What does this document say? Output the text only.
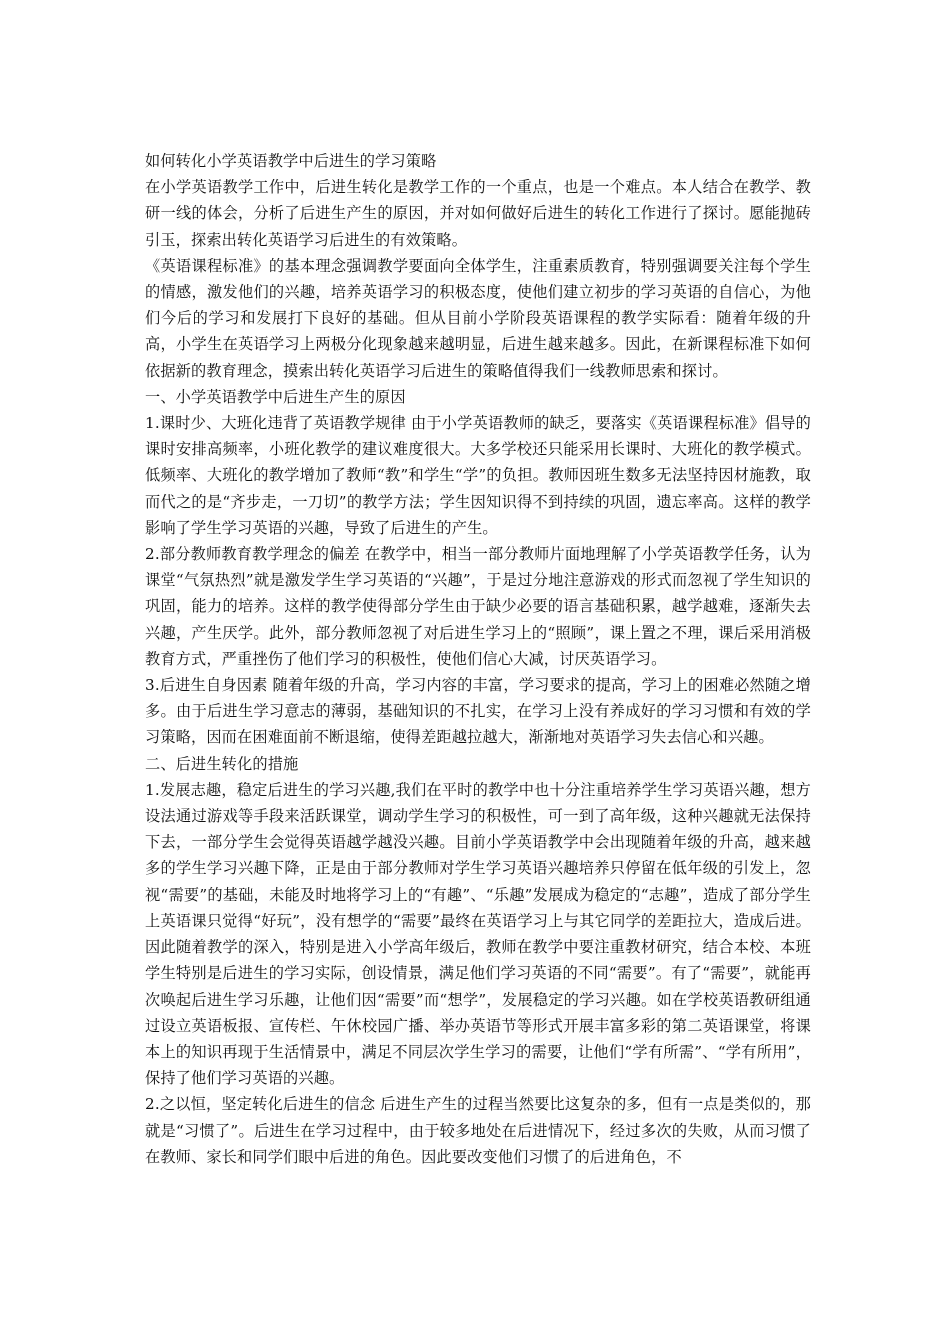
如何转化小学英语教学中后进生的学习策略

在小学英语教学工作中，后进生转化是教学工作的一个重点，也是一个难点。本人结合在教学、教研一线的体会，分析了后进生产生的原因，并对如何做好后进生的转化工作进行了探讨。愿能抛砖引玉，探索出转化英语学习后进生的有效策略。

《英语课程标准》的基本理念强调教学要面向全体学生，注重素质教育，特别强调要关注每个学生的情感，激发他们的兴趣，培养英语学习的积极态度，使他们建立初步的学习英语的自信心，为他们今后的学习和发展打下良好的基础。但从目前小学阶段英语课程的教学实际看：随着年级的升高，小学生在英语学习上两极分化现象越来越明显，后进生越来越多。因此，在新课程标准下如何依据新的教育理念，摸索出转化英语学习后进生的策略值得我们一线教师思索和探讨。

一、小学英语教学中后进生产生的原因

1.课时少、大班化违背了英语教学规律 由于小学英语教师的缺乏，要落实《英语课程标准》倡导的课时安排高频率，小班化教学的建议难度很大。大多学校还只能采用长课时、大班化的教学模式。低频率、大班化的教学增加了教师“教”和学生“学”的负担。教师因班生数多无法坚持因材施教，取而代之的是“齐步走，一刀切”的教学方法；学生因知识得不到持续的巩固，遗忘率高。这样的教学影响了学生学习英语的兴趣，导致了后进生的产生。

2.部分教师教育教学理念的偏差 在教学中，相当一部分教师片面地理解了小学英语教学任务，认为课堂“气氛热烈”就是激发学生学习英语的“兴趣”，于是过分地注意游戏的形式而忽视了学生知识的巩固，能力的培养。这样的教学使得部分学生由于缺少必要的语言基础积累，越学越难，逐渐失去兴趣，产生厌学。此外，部分教师忽视了对后进生学习上的“照顾”，课上置之不理，课后采用消极教育方式，严重挫伤了他们学习的积极性，使他们信心大减，讨厌英语学习。

3.后进生自身因素 随着年级的升高，学习内容的丰富，学习要求的提高，学习上的困难必然随之增多。由于后进生学习意志的薄弱，基础知识的不扎实，在学习上没有养成好的学习习惯和有效的学习策略，因而在困难面前不断退缩，使得差距越拉越大，渐渐地对英语学习失去信心和兴趣。

二、后进生转化的措施

1.发展志趣，稳定后进生的学习兴趣,我们在平时的教学中也十分注重培养学生学习英语兴趣，想方设法通过游戏等手段来活跃课堂，调动学生学习的积极性，可一到了高年级，这种兴趣就无法保持下去，一部分学生会觉得英语越学越没兴趣。目前小学英语教学中会出现随着年级的升高，越来越多的学生学习兴趣下降，正是由于部分教师对学生学习英语兴趣培养只停留在低年级的引发上，忽视“需要”的基础，未能及时地将学习上的“有趣”、“乐趣”发展成为稳定的“志趣”，造成了部分学生上英语课只觉得“好玩”，没有想学的“需要”最终在英语学习上与其它同学的差距拉大，造成后进。因此随着教学的深入，特别是进入小学高年级后，教师在教学中要注重教材研究，结合本校、本班学生特别是后进生的学习实际，创设情景，满足他们学习英语的不同“需要”。有了“需要”，就能再次唤起后进生学习乐趣，让他们因“需要”而“想学”，发展稳定的学习兴趣。如在学校英语教研组通过设立英语板报、宣传栏、午休校园广播、举办英语节等形式开展丰富多彩的第二英语课堂，将课本上的知识再现于生活情景中，满足不同层次学生学习的需要，让他们“学有所需”、“学有所用”，保持了他们学习英语的兴趣。

2.之以恒，坚定转化后进生的信念 后进生产生的过程当然要比这复杂的多，但有一点是类似的，那就是“习惯了”。后进生在学习过程中，由于较多地处在后进情况下，经过多次的失败，从而习惯了在教师、家长和同学们眼中后进的角色。因此要改变他们习惯了的后进角色，不
